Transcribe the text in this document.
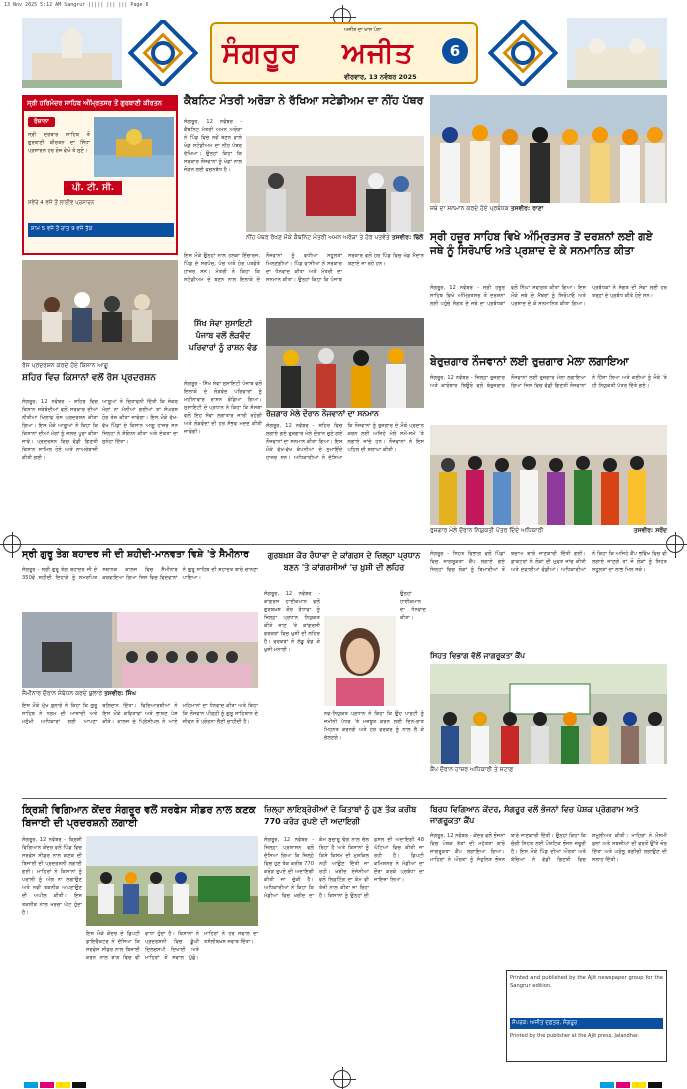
13 Nov 2025 5:12 AM Sangrur ||||| ||| ||| Page 6
ਸੰਗਰੂਰ ਅਜੀਤ
ਅਜੀਤ ਦਾ ਖਾਸ ਪੰਨਾ
ਵੀਰਵਾਰ, 13 ਨਵੰਬਰ 2025
6
ਸ੍ਰੀ ਹਰਿਮੰਦਰ ਸਾਹਿਬ ਅੰਮ੍ਰਿਤਸਰ ਤੋਂ ਗੁਰਬਾਣੀ ਕੀਰਤਨ
ਰੋਜ਼ਾਨਾ
ਸ੍ਰੀ ਦਰਬਾਰ ਸਾਹਿਬ ਤੋਂ ਗੁਰਬਾਣੀ ਕੀਰਤਨ ਦਾ ਸਿੱਧਾ ਪ੍ਰਸਾਰਨ ਹਰ ਰੋਜ਼ ਵੇਖੋ ਤੇ ਸੁਣੋ।
ਪੀ. ਟੀ. ਸੀ.
ਸਵੇਰੇ 4 ਵਜੇ ਤੋਂ ਲਾਈਵ ਪ੍ਰਸਾਰਨ
ਸ਼ਾਮ 5 ਵਜੇ ਤੋਂ ਰਾਤ 9 ਵਜੇ ਤੱਕ
ਰੋਸ ਪ੍ਰਦਰਸ਼ਨ ਕਰਦੇ ਹੋਏ ਕਿਸਾਨ ਆਗੂ
ਸ਼ਹਿਰ ਵਿਚ ਕਿਸਾਨਾਂ ਵਲੋਂ ਰੋਸ ਪ੍ਰਦਰਸ਼ਨ
ਸੰਗਰੂਰ, 12 ਨਵੰਬਰ - ਸ਼ਹਿਰ ਵਿਚ ਕਿਸਾਨ ਜਥੇਬੰਦੀਆਂ ਵਲੋਂ ਸਰਕਾਰ ਦੀਆਂ ਨੀਤੀਆਂ ਖਿਲਾਫ ਰੋਸ ਪ੍ਰਦਰਸ਼ਨ ਕੀਤਾ ਗਿਆ। ਇਸ ਮੌਕੇ ਆਗੂਆਂ ਨੇ ਕਿਹਾ ਕਿ ਕਿਸਾਨਾਂ ਦੀਆਂ ਮੰਗਾਂ ਨੂੰ ਜਲਦ ਪੂਰਾ ਕੀਤਾ ਜਾਵੇ। ਪ੍ਰਦਰਸ਼ਨ ਵਿਚ ਵੱਡੀ ਗਿਣਤੀ ਕਿਸਾਨ ਸ਼ਾਮਿਲ ਹੋਏ ਅਤੇ ਨਾਅਰੇਬਾਜ਼ੀ ਕੀਤੀ ਗਈ।
ਆਗੂਆਂ ਨੇ ਚਿਤਾਵਨੀ ਦਿੱਤੀ ਕਿ ਜੇਕਰ ਮੰਗਾਂ ਨਾ ਮੰਨੀਆਂ ਗਈਆਂ ਤਾਂ ਸੰਘਰਸ਼ ਹੋਰ ਤੇਜ਼ ਕੀਤਾ ਜਾਵੇਗਾ। ਇਸ ਮੌਕੇ ਵੱਖ-ਵੱਖ ਪਿੰਡਾਂ ਦੇ ਕਿਸਾਨ ਆਗੂ ਹਾਜ਼ਰ ਸਨ ਜਿਨ੍ਹਾਂ ਨੇ ਸੰਬੋਧਨ ਕੀਤਾ ਅਤੇ ਏਕਤਾ ਦਾ ਸੁਨੇਹਾ ਦਿੱਤਾ।
ਕੈਬਨਿਟ ਮੰਤਰੀ ਅਰੋੜਾ ਨੇ ਰੱਖਿਆ ਸਟੇਡੀਅਮ ਦਾ ਨੀਂਹ ਪੱਥਰ
ਸੰਗਰੂਰ, 12 ਨਵੰਬਰ - ਕੈਬਨਿਟ ਮੰਤਰੀ ਅਮਨ ਅਰੋੜਾ ਨੇ ਪਿੰਡ ਵਿਚ ਨਵੇਂ ਬਣਨ ਵਾਲੇ ਖੇਡ ਸਟੇਡੀਅਮ ਦਾ ਨੀਂਹ ਪੱਥਰ ਰੱਖਿਆ। ਉਨ੍ਹਾਂ ਕਿਹਾ ਕਿ ਸਰਕਾਰ ਨੌਜਵਾਨਾਂ ਨੂੰ ਖੇਡਾਂ ਨਾਲ ਜੋੜਨ ਲਈ ਵਚਨਬੱਧ ਹੈ।
ਨੀਂਹ ਪੱਥਰ ਰੱਖਣ ਮੌਕੇ ਕੈਬਨਿਟ ਮੰਤਰੀ ਅਮਨ ਅਰੋੜਾ ਤੇ ਹੋਰ ਪਤਵੰਤੇ ਤਸਵੀਰ: ਢਿੱਲੋਂ
ਇਸ ਮੌਕੇ ਉਨ੍ਹਾਂ ਨਾਲ ਹਲਕਾ ਇੰਚਾਰਜ, ਪਿੰਡ ਦੇ ਸਰਪੰਚ, ਪੰਚ ਅਤੇ ਹੋਰ ਪਤਵੰਤੇ ਹਾਜ਼ਰ ਸਨ। ਮੰਤਰੀ ਨੇ ਕਿਹਾ ਕਿ ਸਟੇਡੀਅਮ ਦੇ ਬਣਨ ਨਾਲ ਇਲਾਕੇ ਦੇ ਨੌਜਵਾਨਾਂ ਨੂੰ ਵਧੀਆ ਸਹੂਲਤਾਂ ਮਿਲਣਗੀਆਂ। ਪਿੰਡ ਵਾਸੀਆਂ ਨੇ ਸਰਕਾਰ ਦਾ ਧੰਨਵਾਦ ਕੀਤਾ ਅਤੇ ਮੰਤਰੀ ਦਾ ਸਨਮਾਨ ਕੀਤਾ। ਉਨ੍ਹਾਂ ਕਿਹਾ ਕਿ ਪੰਜਾਬ ਸਰਕਾਰ ਵਲੋਂ ਹਰ ਪਿੰਡ ਵਿਚ ਖੇਡ ਮੈਦਾਨ ਬਣਾਏ ਜਾ ਰਹੇ ਹਨ।
ਜਥੇ ਦਾ ਸਨਮਾਨ ਕਰਦੇ ਹੋਏ ਪ੍ਰਬੰਧਕ ਤਸਵੀਰ: ਰਾਣਾ
ਸ੍ਰੀ ਹਜ਼ੂਰ ਸਾਹਿਬ ਵਿਖੇ ਅੰਮ੍ਰਿਤਸਰ ਤੋਂ ਦਰਸ਼ਨਾਂ ਲਈ ਗਏ ਜਥੇ ਨੂੰ ਸਿਰੋਪਾਓ ਅਤੇ ਪ੍ਰਸ਼ਾਦ ਦੇ ਕੇ ਸਨਮਾਨਿਤ ਕੀਤਾ
ਸੰਗਰੂਰ, 12 ਨਵੰਬਰ - ਸ੍ਰੀ ਹਜ਼ੂਰ ਸਾਹਿਬ ਵਿਖੇ ਅੰਮ੍ਰਿਤਸਰ ਤੋਂ ਦਰਸ਼ਨਾਂ ਲਈ ਪਹੁੰਚੇ ਸੰਗਤ ਦੇ ਜਥੇ ਦਾ ਪ੍ਰਬੰਧਕਾਂ ਵਲੋਂ ਨਿੱਘਾ ਸਵਾਗਤ ਕੀਤਾ ਗਿਆ। ਇਸ ਮੌਕੇ ਜਥੇ ਦੇ ਮੈਂਬਰਾਂ ਨੂੰ ਸਿਰੋਪਾਓ ਅਤੇ ਪ੍ਰਸ਼ਾਦ ਦੇ ਕੇ ਸਨਮਾਨਿਤ ਕੀਤਾ ਗਿਆ। ਪ੍ਰਬੰਧਕਾਂ ਨੇ ਸੰਗਤ ਦੀ ਸੇਵਾ ਲਈ ਹਰ ਤਰ੍ਹਾਂ ਦੇ ਪ੍ਰਬੰਧ ਕੀਤੇ ਹੋਏ ਸਨ।
ਸਿੱਖ ਸੇਵਾ ਸੁਸਾਇਟੀ ਪੰਜਾਬ ਵਲੋਂ ਲੋੜਵੰਦ ਪਰਿਵਾਰਾਂ ਨੂੰ ਰਾਸ਼ਨ ਵੰਡ
ਸੰਗਰੂਰ - ਸਿੱਖ ਸੇਵਾ ਸੁਸਾਇਟੀ ਪੰਜਾਬ ਵਲੋਂ ਇਲਾਕੇ ਦੇ ਲੋੜਵੰਦ ਪਰਿਵਾਰਾਂ ਨੂੰ ਮਹੀਨਾਵਾਰ ਰਾਸ਼ਨ ਵੰਡਿਆ ਗਿਆ। ਸੁਸਾਇਟੀ ਦੇ ਪ੍ਰਧਾਨ ਨੇ ਕਿਹਾ ਕਿ ਸੰਸਥਾ ਵਲੋਂ ਇਹ ਸੇਵਾ ਲਗਾਤਾਰ ਜਾਰੀ ਰਹੇਗੀ ਅਤੇ ਲੋੜਵੰਦਾਂ ਦੀ ਹਰ ਸੰਭਵ ਮਦਦ ਕੀਤੀ ਜਾਵੇਗੀ।
ਰੋਜ਼ਗਾਰ ਮੇਲੇ ਦੌਰਾਨ ਨੌਜਵਾਨਾਂ ਦਾ ਸਨਮਾਨ
ਸੰਗਰੂਰ, 12 ਨਵੰਬਰ - ਸ਼ਹਿਰ ਵਿਚ ਲਗਾਏ ਗਏ ਰੁਜ਼ਗਾਰ ਮੇਲੇ ਦੌਰਾਨ ਚੁਣੇ ਗਏ ਨੌਜਵਾਨਾਂ ਦਾ ਸਨਮਾਨ ਕੀਤਾ ਗਿਆ। ਇਸ ਮੌਕੇ ਵੱਖ-ਵੱਖ ਕੰਪਨੀਆਂ ਦੇ ਨੁਮਾਇੰਦੇ ਹਾਜ਼ਰ ਸਨ। ਅਧਿਕਾਰੀਆਂ ਨੇ ਦੱਸਿਆ ਕਿ ਨੌਜਵਾਨਾਂ ਨੂੰ ਰੁਜ਼ਗਾਰ ਦੇ ਮੌਕੇ ਪ੍ਰਦਾਨ ਕਰਨ ਲਈ ਅਜਿਹੇ ਮੇਲੇ ਸਮੇਂ-ਸਮੇਂ 'ਤੇ ਲਗਾਏ ਜਾਂਦੇ ਹਨ। ਨੌਜਵਾਨਾਂ ਨੇ ਇਸ ਪਹਿਲ ਦੀ ਸ਼ਲਾਘਾ ਕੀਤੀ।
ਬੇਰੁਜ਼ਗਾਰ ਨੌਜਵਾਨਾਂ ਲਈ ਰੁਜ਼ਗਾਰ ਮੇਲਾ ਲਗਾਇਆ
ਸੰਗਰੂਰ, 12 ਨਵੰਬਰ - ਜ਼ਿਲ੍ਹਾ ਰੁਜ਼ਗਾਰ ਅਤੇ ਕਾਰੋਬਾਰ ਬਿਊਰੋ ਵਲੋਂ ਬੇਰੁਜ਼ਗਾਰ ਨੌਜਵਾਨਾਂ ਲਈ ਰੁਜ਼ਗਾਰ ਮੇਲਾ ਲਗਾਇਆ ਗਿਆ ਜਿਸ ਵਿਚ ਵੱਡੀ ਗਿਣਤੀ ਨੌਜਵਾਨਾਂ ਨੇ ਹਿੱਸਾ ਲਿਆ ਅਤੇ ਕਈਆਂ ਨੂੰ ਮੌਕੇ 'ਤੇ ਹੀ ਨਿਯੁਕਤੀ ਪੱਤਰ ਦਿੱਤੇ ਗਏ।
ਰੁਜ਼ਗਾਰ ਮੇਲੇ ਦੌਰਾਨ ਨਿਯੁਕਤੀ ਪੱਤਰ ਦਿੰਦੇ ਅਧਿਕਾਰੀ	ਤਸਵੀਰ: ਸਰੋਂਦ
ਸ੍ਰੀ ਗੁਰੂ ਤੇਗ ਬਹਾਦਰ ਜੀ ਦੀ ਸ਼ਹੀਦੀ-ਮਾਨਵਤਾ ਵਿਸ਼ੇ 'ਤੇ ਸੈਮੀਨਾਰ
ਸੰਗਰੂਰ - ਸ੍ਰੀ ਗੁਰੂ ਤੇਗ ਬਹਾਦਰ ਜੀ ਦੇ 350ਵੇਂ ਸ਼ਹੀਦੀ ਦਿਹਾੜੇ ਨੂੰ ਸਮਰਪਿਤ ਸਥਾਨਕ ਕਾਲਜ ਵਿਚ ਸੈਮੀਨਾਰ ਕਰਵਾਇਆ ਗਿਆ ਜਿਸ ਵਿਚ ਵਿਦਵਾਨਾਂ ਨੇ ਗੁਰੂ ਸਾਹਿਬ ਦੀ ਸ਼ਹਾਦਤ ਬਾਰੇ ਚਾਨਣਾ ਪਾਇਆ।
ਸੈਮੀਨਾਰ ਦੌਰਾਨ ਸੰਬੋਧਨ ਕਰਦੇ ਬੁਲਾਰੇ ਤਸਵੀਰ: ਸਿੰਘ
ਇਸ ਮੌਕੇ ਮੁੱਖ ਬੁਲਾਰੇ ਨੇ ਕਿਹਾ ਕਿ ਗੁਰੂ ਸਾਹਿਬ ਨੇ ਧਰਮ ਦੀ ਆਜ਼ਾਦੀ ਅਤੇ ਮਨੁੱਖੀ ਅਧਿਕਾਰਾਂ ਲਈ ਆਪਣਾ ਬਲਿਦਾਨ ਦਿੱਤਾ। ਵਿਦਿਆਰਥੀਆਂ ਨੇ ਇਸ ਮੌਕੇ ਕਵਿਤਾਵਾਂ ਅਤੇ ਭਾਸ਼ਣ ਪੇਸ਼ ਕੀਤੇ। ਕਾਲਜ ਦੇ ਪ੍ਰਿੰਸੀਪਲ ਨੇ ਆਏ ਮਹਿਮਾਨਾਂ ਦਾ ਧੰਨਵਾਦ ਕੀਤਾ ਅਤੇ ਕਿਹਾ ਕਿ ਨੌਜਵਾਨ ਪੀੜ੍ਹੀ ਨੂੰ ਗੁਰੂ ਸਾਹਿਬਾਨ ਦੇ ਜੀਵਨ ਤੋਂ ਪ੍ਰੇਰਨਾ ਲੈਣੀ ਚਾਹੀਦੀ ਹੈ।
ਗੁਰਬਖ਼ਸ਼ ਕੌਰ ਰੰਧਾਵਾ ਦੇ ਕਾਂਗਰਸ ਦੇ ਜ਼ਿਲ੍ਹਾ ਪ੍ਰਧਾਨ ਬਣਨ 'ਤੇ ਕਾਂਗਰਸੀਆਂ 'ਚ ਖ਼ੁਸ਼ੀ ਦੀ ਲਹਿਰ
ਸੰਗਰੂਰ, 12 ਨਵੰਬਰ - ਕਾਂਗਰਸ ਹਾਈਕਮਾਨ ਵਲੋਂ ਗੁਰਬਖ਼ਸ਼ ਕੌਰ ਰੰਧਾਵਾ ਨੂੰ ਜ਼ਿਲ੍ਹਾ ਪ੍ਰਧਾਨ ਨਿਯੁਕਤ ਕੀਤੇ ਜਾਣ 'ਤੇ ਕਾਂਗਰਸੀ ਵਰਕਰਾਂ ਵਿਚ ਖ਼ੁਸ਼ੀ ਦੀ ਲਹਿਰ ਹੈ। ਵਰਕਰਾਂ ਨੇ ਲੱਡੂ ਵੰਡ ਕੇ ਖ਼ੁਸ਼ੀ ਮਨਾਈ।
ਉਨ੍ਹਾਂ ਹਾਈਕਮਾਨ ਦਾ ਧੰਨਵਾਦ ਕੀਤਾ।
ਨਵ-ਨਿਯੁਕਤ ਪ੍ਰਧਾਨ ਨੇ ਕਿਹਾ ਕਿ ਉਹ ਪਾਰਟੀ ਨੂੰ ਜ਼ਮੀਨੀ ਪੱਧਰ 'ਤੇ ਮਜ਼ਬੂਤ ਕਰਨ ਲਈ ਦਿਨ-ਰਾਤ ਮਿਹਨਤ ਕਰਨਗੇ ਅਤੇ ਹਰ ਵਰਕਰ ਨੂੰ ਨਾਲ ਲੈ ਕੇ ਚੱਲਣਗੇ।
ਸੰਗਰੂਰ - ਸਿਹਤ ਵਿਭਾਗ ਵਲੋਂ ਪਿੰਡਾਂ ਵਿਚ ਜਾਗਰੂਕਤਾ ਕੈਂਪ ਲਗਾਏ ਗਏ ਜਿਨ੍ਹਾਂ ਵਿਚ ਲੋਕਾਂ ਨੂੰ ਬਿਮਾਰੀਆਂ ਤੋਂ ਬਚਾਅ ਬਾਰੇ ਜਾਣਕਾਰੀ ਦਿੱਤੀ ਗਈ। ਡਾਕਟਰਾਂ ਨੇ ਲੋਕਾਂ ਦੀ ਮੁਫ਼ਤ ਜਾਂਚ ਕੀਤੀ ਅਤੇ ਦਵਾਈਆਂ ਵੰਡੀਆਂ। ਅਧਿਕਾਰੀਆਂ ਨੇ ਕਿਹਾ ਕਿ ਅਜਿਹੇ ਕੈਂਪ ਭਵਿੱਖ ਵਿਚ ਵੀ ਲਗਾਏ ਜਾਣਗੇ ਤਾਂ ਜੋ ਲੋਕਾਂ ਨੂੰ ਸਿਹਤ ਸਹੂਲਤਾਂ ਦਾ ਲਾਭ ਮਿਲ ਸਕੇ।
ਸਿਹਤ ਵਿਭਾਗ ਵੱਲੋਂ ਜਾਗਰੂਕਤਾ ਕੈਂਪ
ਕੈਂਪ ਦੌਰਾਨ ਹਾਜ਼ਰ ਅਧਿਕਾਰੀ ਤੇ ਸਟਾਫ਼
ਕ੍ਰਿਸ਼ੀ ਵਿਗਿਆਨ ਕੇਂਦਰ ਸੰਗਰੂਰ ਵਲੋਂ ਸਰਫੇਸ ਸੀਡਰ ਨਾਲ ਕਣਕ ਬਿਜਾਈ ਦੀ ਪ੍ਰਦਰਸ਼ਨੀ ਲਗਾਈ
ਸੰਗਰੂਰ, 12 ਨਵੰਬਰ - ਕ੍ਰਿਸ਼ੀ ਵਿਗਿਆਨ ਕੇਂਦਰ ਵਲੋਂ ਪਿੰਡ ਵਿਚ ਸਰਫੇਸ ਸੀਡਰ ਨਾਲ ਕਣਕ ਦੀ ਬਿਜਾਈ ਦੀ ਪ੍ਰਦਰਸ਼ਨੀ ਲਗਾਈ ਗਈ। ਮਾਹਿਰਾਂ ਨੇ ਕਿਸਾਨਾਂ ਨੂੰ ਪਰਾਲੀ ਨੂੰ ਅੱਗ ਨਾ ਲਗਾਉਣ ਅਤੇ ਨਵੀਂ ਤਕਨੀਕ ਅਪਣਾਉਣ ਦੀ ਅਪੀਲ ਕੀਤੀ। ਇਸ ਤਕਨੀਕ ਨਾਲ ਖਰਚਾ ਘੱਟ ਹੁੰਦਾ ਹੈ।
ਇਸ ਮੌਕੇ ਕੇਂਦਰ ਦੇ ਡਿਪਟੀ ਡਾਇਰੈਕਟਰ ਨੇ ਦੱਸਿਆ ਕਿ ਸਰਫੇਸ ਸੀਡਰ ਨਾਲ ਬਿਜਾਈ ਕਰਨ ਨਾਲ ਝਾੜ ਵਿਚ ਵੀ ਵਾਧਾ ਹੁੰਦਾ ਹੈ। ਕਿਸਾਨਾਂ ਨੇ ਪ੍ਰਦਰਸ਼ਨੀ ਵਿਚ ਡੂੰਘੀ ਦਿਲਚਸਪੀ ਦਿਖਾਈ ਅਤੇ ਮਾਹਿਰਾਂ ਤੋਂ ਸਵਾਲ ਪੁੱਛੇ। ਮਾਹਿਰਾਂ ਨੇ ਹਰ ਸਵਾਲ ਦਾ ਤਸੱਲੀਬਖ਼ਸ਼ ਜਵਾਬ ਦਿੱਤਾ।
ਜ਼ਿਲ੍ਹਾ ਲਾਇਬ੍ਰੇਰੀਆਂ ਦੇ ਕਿਤਾਬਾਂ ਨੂੰ ਹੁਣ ਤੱਕ ਕਰੀਬ 770 ਕਰੋੜ ਰੁਪਏ ਦੀ ਅਦਾਇਗੀ
ਸੰਗਰੂਰ, 12 ਨਵੰਬਰ - ਜ਼ਿਲ੍ਹਾ ਪ੍ਰਸ਼ਾਸਨ ਵਲੋਂ ਦੱਸਿਆ ਗਿਆ ਕਿ ਜ਼ਿਲ੍ਹੇ ਵਿਚ ਹੁਣ ਤੱਕ ਕਰੀਬ 770 ਕਰੋੜ ਰੁਪਏ ਦੀ ਅਦਾਇਗੀ ਕੀਤੀ ਜਾ ਚੁੱਕੀ ਹੈ। ਅਧਿਕਾਰੀਆਂ ਨੇ ਕਿਹਾ ਕਿ ਮੰਡੀਆਂ ਵਿਚ ਖ਼ਰੀਦ ਦਾ ਕੰਮ ਸੁਚਾਰੂ ਢੰਗ ਨਾਲ ਚੱਲ ਰਿਹਾ ਹੈ ਅਤੇ ਕਿਸਾਨਾਂ ਨੂੰ ਕਿਸੇ ਕਿਸਮ ਦੀ ਮੁਸ਼ਕਿਲ ਨਹੀਂ ਆਉਣ ਦਿੱਤੀ ਜਾ ਰਹੀ। ਖ਼ਰੀਦ ਏਜੰਸੀਆਂ ਵਲੋਂ ਲਿਫ਼ਟਿੰਗ ਦਾ ਕੰਮ ਵੀ ਤੇਜ਼ੀ ਨਾਲ ਕੀਤਾ ਜਾ ਰਿਹਾ ਹੈ। ਕਿਸਾਨਾਂ ਨੂੰ ਉਨ੍ਹਾਂ ਦੀ ਫ਼ਸਲ ਦੀ ਅਦਾਇਗੀ 48 ਘੰਟਿਆਂ ਵਿਚ ਕੀਤੀ ਜਾ ਰਹੀ ਹੈ। ਡਿਪਟੀ ਕਮਿਸ਼ਨਰ ਨੇ ਮੰਡੀਆਂ ਦਾ ਦੌਰਾ ਕਰਕੇ ਪ੍ਰਬੰਧਾਂ ਦਾ ਜਾਇਜ਼ਾ ਲਿਆ।
ਬਿਰਧ ਵਿਗਿਆਨ ਕੇਂਦਰ, ਸੰਗਰੂਰ ਵਲੋਂ ਭੋਜਨਾਂ ਵਿਚ ਪੋਸ਼ਕ ਪ੍ਰੋਗਰਾਮ ਅਤੇ ਜਾਗਰੂਕਤਾ ਕੈਂਪ
ਸੰਗਰੂਰ, 12 ਨਵੰਬਰ - ਕੇਂਦਰ ਵਲੋਂ ਭੋਜਨਾਂ ਵਿਚ ਪੋਸ਼ਕ ਤੱਤਾਂ ਦੀ ਮਹੱਤਤਾ ਬਾਰੇ ਜਾਗਰੂਕਤਾ ਕੈਂਪ ਲਗਾਇਆ ਗਿਆ। ਮਾਹਿਰਾਂ ਨੇ ਔਰਤਾਂ ਨੂੰ ਸੰਤੁਲਿਤ ਭੋਜਨ ਬਾਰੇ ਜਾਣਕਾਰੀ ਦਿੱਤੀ। ਉਨ੍ਹਾਂ ਕਿਹਾ ਕਿ ਚੰਗੀ ਸਿਹਤ ਲਈ ਪੌਸ਼ਟਿਕ ਭੋਜਨ ਜ਼ਰੂਰੀ ਹੈ। ਇਸ ਮੌਕੇ ਪਿੰਡ ਦੀਆਂ ਔਰਤਾਂ ਅਤੇ ਬੱਚਿਆਂ ਨੇ ਵੱਡੀ ਗਿਣਤੀ ਵਿਚ ਸ਼ਮੂਲੀਅਤ ਕੀਤੀ। ਮਾਹਿਰਾਂ ਨੇ ਮੌਸਮੀ ਫ਼ਲਾਂ ਅਤੇ ਸਬਜ਼ੀਆਂ ਦੀ ਵਰਤੋਂ ਉੱਤੇ ਜ਼ੋਰ ਦਿੱਤਾ ਅਤੇ ਘਰੇਲੂ ਬਗ਼ੀਚੀ ਲਗਾਉਣ ਦੀ ਸਲਾਹ ਦਿੱਤੀ।
Printed and published by the Ajit newspaper group for the Sangrur edition.
ਸੰਪਰਕ: ਅਜੀਤ ਦਫ਼ਤਰ, ਸੰਗਰੂਰ
Printed by the publisher at the Ajit press, Jalandhar.
